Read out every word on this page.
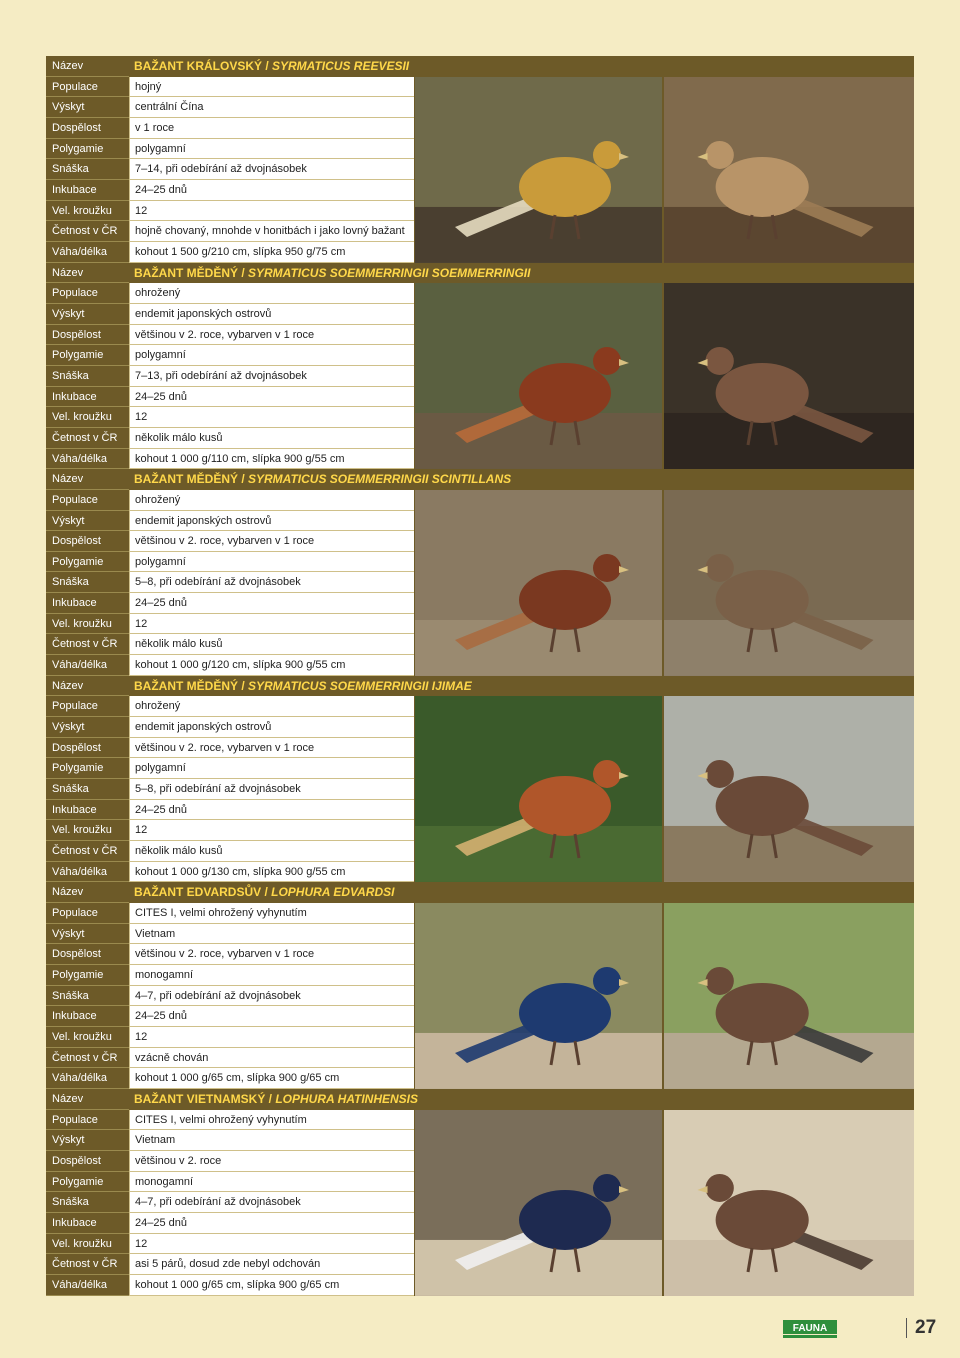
Název	BAŽANT KRÁLOVSKÝ / SYRMATICUS REEVESII
Populace	hojný
Výskyt	centrální Čína
Dospělost	v 1 roce
Polygamie	polygamní
Snáška	7–14, při odebírání až dvojnásobek
Inkubace	24–25 dnů
Vel. kroužku	12
Četnost v ČR	hojně chovaný, mnohde v honitbách i jako lovný bažant
Váha/délka	kohout 1 500 g/210 cm, slípka 950 g/75 cm
Název	BAŽANT MĚDĚNÝ / SYRMATICUS SOEMMERRINGII SOEMMERRINGII
Populace	ohrožený
Výskyt	endemit japonských ostrovů
Dospělost	většinou v 2. roce, vybarven v 1 roce
Polygamie	polygamní
Snáška	7–13, při odebírání až dvojnásobek
Inkubace	24–25 dnů
Vel. kroužku	12
Četnost v ČR	několik málo kusů
Váha/délka	kohout 1 000 g/110 cm, slípka 900 g/55 cm
Název	BAŽANT MĚDĚNÝ / SYRMATICUS SOEMMERRINGII SCINTILLANS
Populace	ohrožený
Výskyt	endemit japonských ostrovů
Dospělost	většinou v 2. roce, vybarven v 1 roce
Polygamie	polygamní
Snáška	5–8, při odebírání až dvojnásobek
Inkubace	24–25 dnů
Vel. kroužku	12
Četnost v ČR	několik málo kusů
Váha/délka	kohout 1 000 g/120 cm, slípka 900 g/55 cm
Název	BAŽANT MĚDĚNÝ / SYRMATICUS SOEMMERRINGII IJIMAE
Populace	ohrožený
Výskyt	endemit japonských ostrovů
Dospělost	většinou v 2. roce, vybarven v 1 roce
Polygamie	polygamní
Snáška	5–8, při odebírání až dvojnásobek
Inkubace	24–25 dnů
Vel. kroužku	12
Četnost v ČR	několik málo kusů
Váha/délka	kohout 1 000 g/130 cm, slípka 900 g/55 cm
Název	BAŽANT EDVARDSŮV / LOPHURA EDVARDSI
Populace	CITES I, velmi ohrožený vyhynutím
Výskyt	Vietnam
Dospělost	většinou v 2. roce, vybarven v 1 roce
Polygamie	monogamní
Snáška	4–7, při odebírání až dvojnásobek
Inkubace	24–25 dnů
Vel. kroužku	12
Četnost v ČR	vzácně chován
Váha/délka	kohout 1 000 g/65 cm, slípka 900 g/65 cm
Název	BAŽANT VIETNAMSKÝ / LOPHURA HATINHENSIS
Populace	CITES I, velmi ohrožený vyhynutím
Výskyt	Vietnam
Dospělost	většinou v 2. roce
Polygamie	monogamní
Snáška	4–7, při odebírání až dvojnásobek
Inkubace	24–25 dnů
Vel. kroužku	12
Četnost v ČR	asi 5 párů, dosud zde nebyl odchován
Váha/délka	kohout 1 000 g/65 cm, slípka 900 g/65 cm
FAUNA	27
